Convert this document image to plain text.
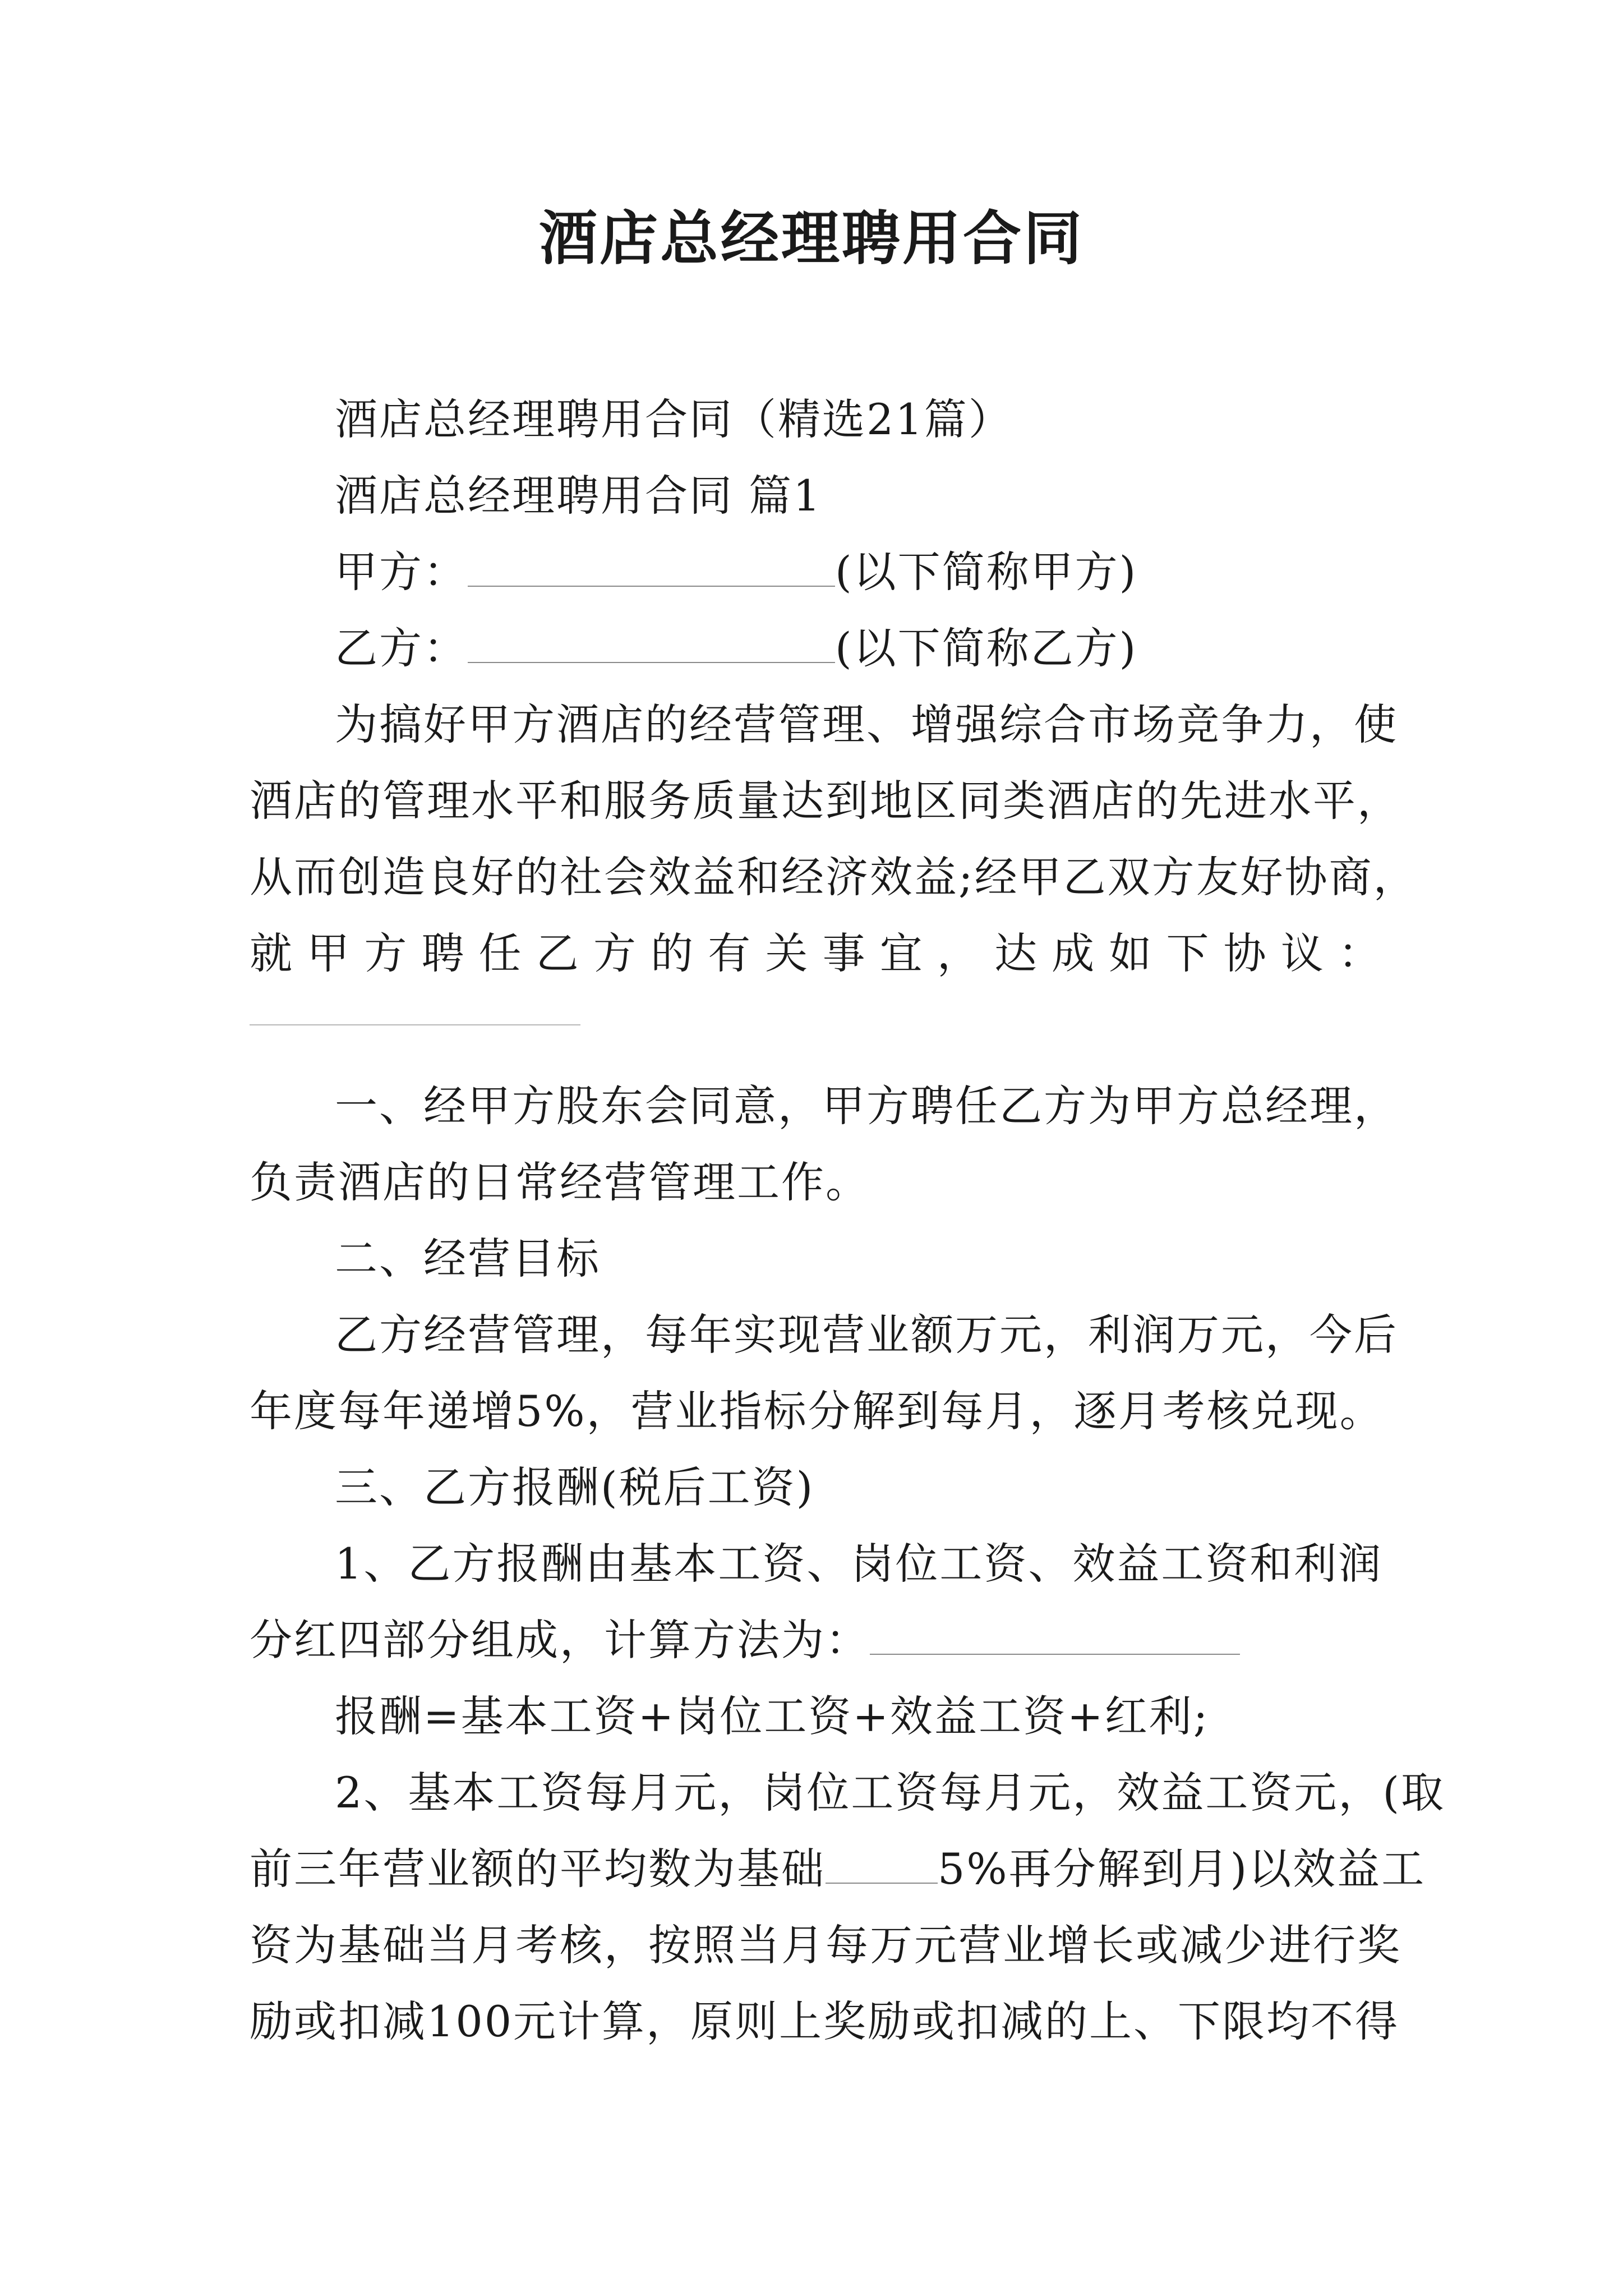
酒店总经理聘用合同
酒店总经理聘用合同（精选21篇）
酒店总经理聘用合同 篇1
甲方：	(以下简称甲方)
乙方：	(以下简称乙方)
为搞好甲方酒店的经营管理、增强综合市场竞争力，使
酒店的管理水平和服务质量达到地区同类酒店的先进水平，
从而创造良好的社会效益和经济效益;经甲乙双方友好协商，
就 甲 方 聘 任 乙 方 的 有 关 事 宜 ， 达 成 如 下 协 议 ：
一、经甲方股东会同意，甲方聘任乙方为甲方总经理，
负责酒店的日常经营管理工作。
二、经营目标
乙方经营管理，每年实现营业额万元，利润万元，今后
年度每年递增5%，营业指标分解到每月，逐月考核兑现。
三、乙方报酬(税后工资)
1、乙方报酬由基本工资、岗位工资、效益工资和利润
分红四部分组成，计算方法为：
报酬=基本工资+岗位工资+效益工资+红利;
2、基本工资每月元，岗位工资每月元，效益工资元，(取
前三年营业额的平均数为基础	5%再分解到月)以效益工
资为基础当月考核，按照当月每万元营业增长或减少进行奖
励或扣减100元计算，原则上奖励或扣减的上、下限均不得
